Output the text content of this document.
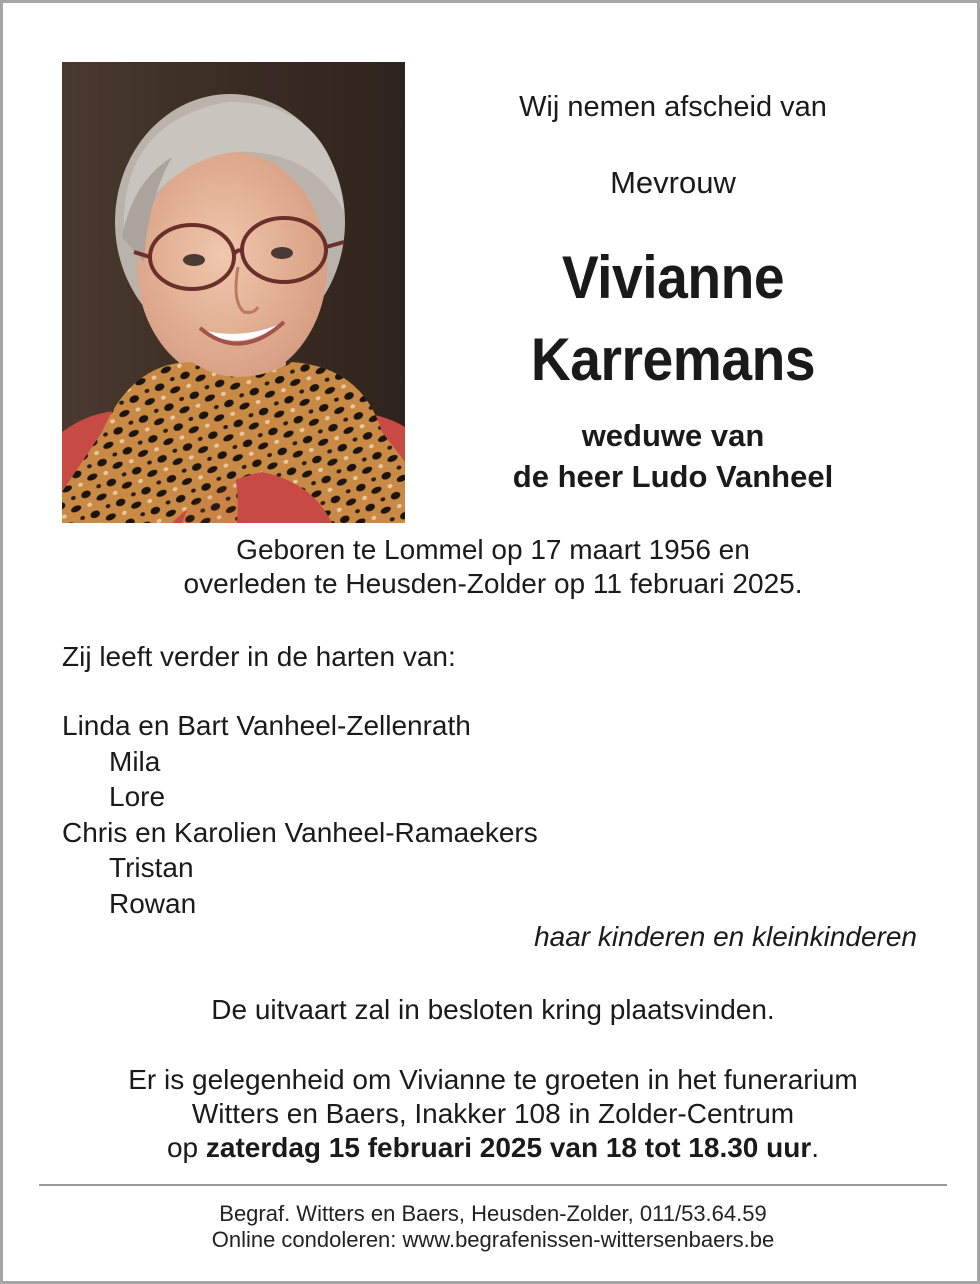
Wij nemen afscheid van
Mevrouw
Vivianne
Karremans
weduwe van
de heer Ludo Vanheel
Geboren te Lommel op 17 maart 1956 en
overleden te Heusden-Zolder op 11 februari 2025.
Zij leeft verder in de harten van:
Linda en Bart Vanheel-Zellenrath
Mila
Lore
Chris en Karolien Vanheel-Ramaekers
Tristan
Rowan
haar kinderen en kleinkinderen
De uitvaart zal in besloten kring plaatsvinden.
Er is gelegenheid om Vivianne te groeten in het funerarium
Witters en Baers, Inakker 108 in Zolder-Centrum
op zaterdag 15 februari 2025 van 18 tot 18.30 uur.
Begraf. Witters en Baers, Heusden-Zolder, 011/53.64.59
Online condoleren: www.begrafenissen-wittersenbaers.be
